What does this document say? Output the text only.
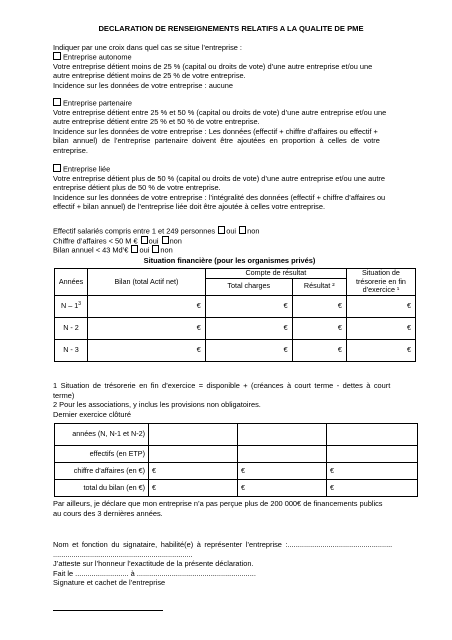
DECLARATION DE RENSEIGNEMENTS RELATIFS A LA QUALITE DE PME
Indiquer par une croix dans quel cas se situe l’entreprise :
Entreprise autonome
Votre entreprise détient moins de 25 % (capital ou droits de vote) d’une autre entreprise et/ou une
autre entreprise détient moins de 25 % de votre entreprise.
Incidence sur les données de votre entreprise : aucune
Entreprise partenaire
Votre entreprise détient entre 25 % et 50 % (capital ou droits de vote) d’une autre entreprise et/ou une
autre entreprise détient entre 25 % et 50 % de votre entreprise.
Incidence sur les données de votre entreprise : Les données (effectif + chiffre d’affaires ou effectif +
bilan annuel) de l’entreprise partenaire doivent être ajoutées en proportion à celles de votre
entreprise.
Entreprise liée
Votre entreprise détient plus de 50 % (capital ou droits de vote) d’une autre entreprise et/ou une autre
entreprise détient plus de 50 % de votre entreprise.
Incidence sur les données de votre entreprise : l’intégralité des données (effectif + chiffre d’affaires ou
effectif + bilan annuel) de l’entreprise liée doit être ajoutée à celles votre entreprise.
Effectif salariés compris entre 1 et 249 personnes oui non
Chiffre d’affaires < 50 M € oui non
Bilan annuel < 43 Md’€ oui non
Situation financière (pour les organismes privés)
Années	Bilan (total Actif net)	Compte de résultat		Situation de trésorerie en fin d’exercice ¹
		Total charges	Résultat ²	
N – $1^3$	€	€	€	€
N - 2	€	€	€	€
N - 3	€	€	€	€
1 Situation de trésorerie en fin d’exercice = disponible + (créances à court terme - dettes à court
terme)
2 Pour les associations, y inclus les provisions non obligatoires.
Dernier exercice clôturé
années (N, N-1 et N-2)			
effectifs (en ETP)			
chiffre d’affaires (en €)	€	€	€
total du bilan (en €)	€	€	€
Par ailleurs, je déclare que mon entreprise n’a pas perçue plus de 200 000€ de financements publics
au cours des 3 dernières années.
Nom et fonction du signataire, habilité(e) à représenter l’entreprise :...................................................
....................................................................
J’atteste sur l’honneur l’exactitude de la présente déclaration.
Fait le .......................... à ..........................................................
Signature et cachet de l’entreprise
